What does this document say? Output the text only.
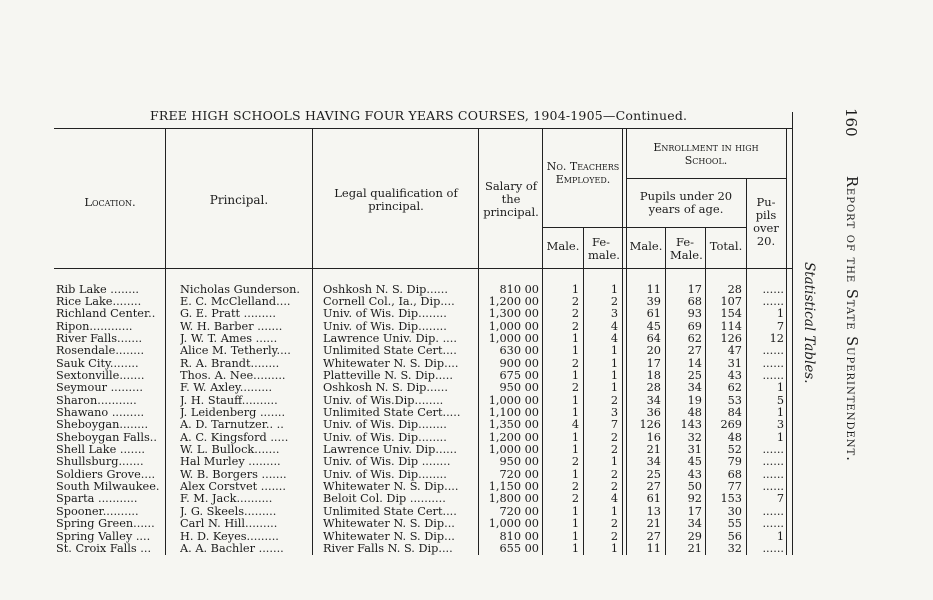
FREE HIGH SCHOOLS HAVING FOUR YEARS COURSES, 1904-1905—Continued.	160
Report of the State Superintendent.
Statistical Tables.
Location.	Principal.	Legal qualification of principal.
Salary of the principal.
No. Teachers Employed.
Male.	Fe-male.
Enrollment in high School.
Pupils under 20 years of age.
Male.	Fe-Male.
Total.
Pu-pils over 20.
Rib Lake ........	Nicholas Gunderson.	Oshkosh N. S. Dip......	810 00	1	1	11	17	28	......
Rice Lake........	E. C. McClelland....	Cornell Col., Ia., Dip....	1,200 00	2	2	39	68	107	......
Richland Center..	G. E. Pratt .........	Univ. of Wis. Dip........	1,300 00	2	3	61	93	154	1
Ripon............	W. H. Barber .......	Univ. of Wis. Dip........	1,000 00	2	4	45	69	114	7
River Falls.......	J. W. T. Ames ......	Lawrence Univ. Dip. ....	1,000 00	1	4	64	62	126	12
Rosendale........	Alice M. Tetherly....	Unlimited State Cert....	630 00	1	1	20	27	47	......
Sauk City........	R. A. Brandt........	Whitewater N. S. Dip....	900 00	2	1	17	14	31	......
Sextonville.......	Thos. A. Nee.........	Platteville N. S. Dip.....	675 00	1	1	18	25	43	......
Seymour .........	F. W. Axley.........	Oshkosh N. S. Dip......	950 00	2	1	28	34	62	1
Sharon...........	J. H. Stauff..........	Univ. of Wis.Dip........	1,000 00	1	2	34	19	53	5
Shawano .........	J. Leidenberg .......	Unlimited State Cert.....	1,100 00	1	3	36	48	84	1
Sheboygan........	A. D. Tarnutzer.. ..	Univ. of Wis. Dip........	1,350 00	4	7	126	143	269	3
Sheboygan Falls..	A. C. Kingsford .....	Univ. of Wis. Dip........	1,200 00	1	2	16	32	48	1
Shell Lake .......	W. L. Bullock.......	Lawrence Univ. Dip......	1,000 00	1	2	21	31	52	......
Shullsburg.......	Hal Murley .........	Univ. of Wis. Dip ........	950 00	2	1	34	45	79	......
Soldiers Grove....	W. B. Borgers .......	Univ. of Wis. Dip........	720 00	1	2	25	43	68	......
South Milwaukee.	Alex Corstvet .......	Whitewater N. S. Dip....	1,150 00	2	2	27	50	77	......
Sparta ...........	F. M. Jack..........	Beloit Col. Dip ..........	1,800 00	2	4	61	92	153	7
Spooner..........	J. G. Skeels.........	Unlimited State Cert....	720 00	1	1	13	17	30	......
Spring Green......	Carl N. Hill.........	Whitewater N. S. Dip...	1,000 00	1	2	21	34	55	......
Spring Valley ....	H. D. Keyes.........	Whitewater N. S. Dip...	810 00	1	2	27	29	56	1
St. Croix Falls ...	A. A. Bachler .......	River Falls N. S. Dip....	655 00	1	1	11	21	32	......
